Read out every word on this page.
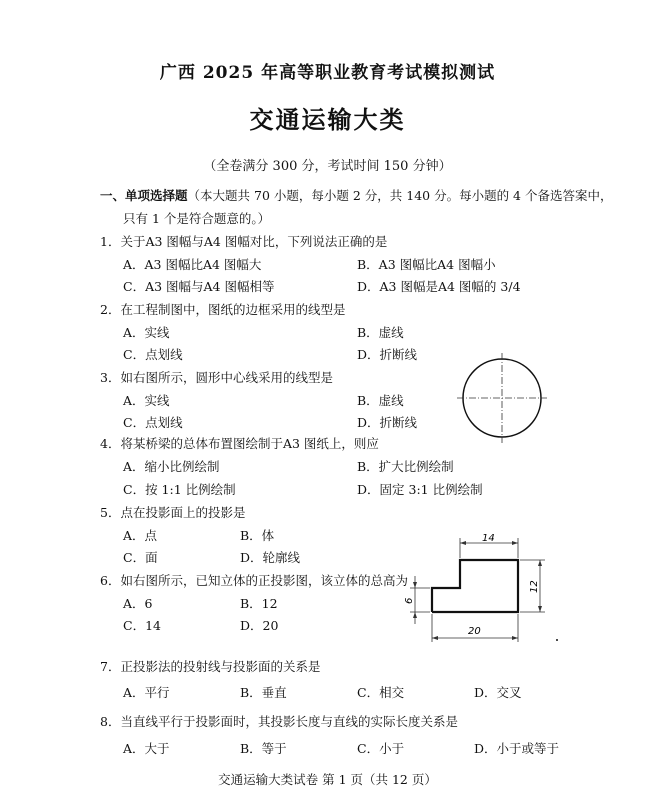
广西 2025 年高等职业教育考试模拟测试
交通运输大类
（全卷满分 300 分，考试时间 150 分钟）
一、单项选择题（本大题共 70 小题，每小题 2 分，共 140 分。每小题的 4 个备选答案中，
只有 1 个是符合题意的。）
1．关于A3 图幅与A4 图幅对比，下列说法正确的是
A．A3 图幅比A4 图幅大	B．A3 图幅比A4 图幅小
C．A3 图幅与A4 图幅相等	D．A3 图幅是A4 图幅的 3/4
2．在工程制图中，图纸的边框采用的线型是
A．实线	B．虚线
C．点划线	D．折断线
3．如右图所示，圆形中心线采用的线型是
A．实线	B．虚线
C．点划线	D．折断线
4．将某桥梁的总体布置图绘制于A3 图纸上，则应
A．缩小比例绘制	B．扩大比例绘制
C．按 1:1 比例绘制	D．固定 3:1 比例绘制
5．点在投影面上的投影是
A．点	B．体
C．面	D．轮廓线
6．如右图所示，已知立体的正投影图，该立体的总高为
A．6	B．12
C．14	D．20
14
20
6
12
7．正投影法的投射线与投影面的关系是
A．平行	B．垂直	C．相交	D．交叉
8．当直线平行于投影面时，其投影长度与直线的实际长度关系是
A．大于	B．等于	C．小于	D．小于或等于
交通运输大类试卷 第 1 页（共 12 页）
